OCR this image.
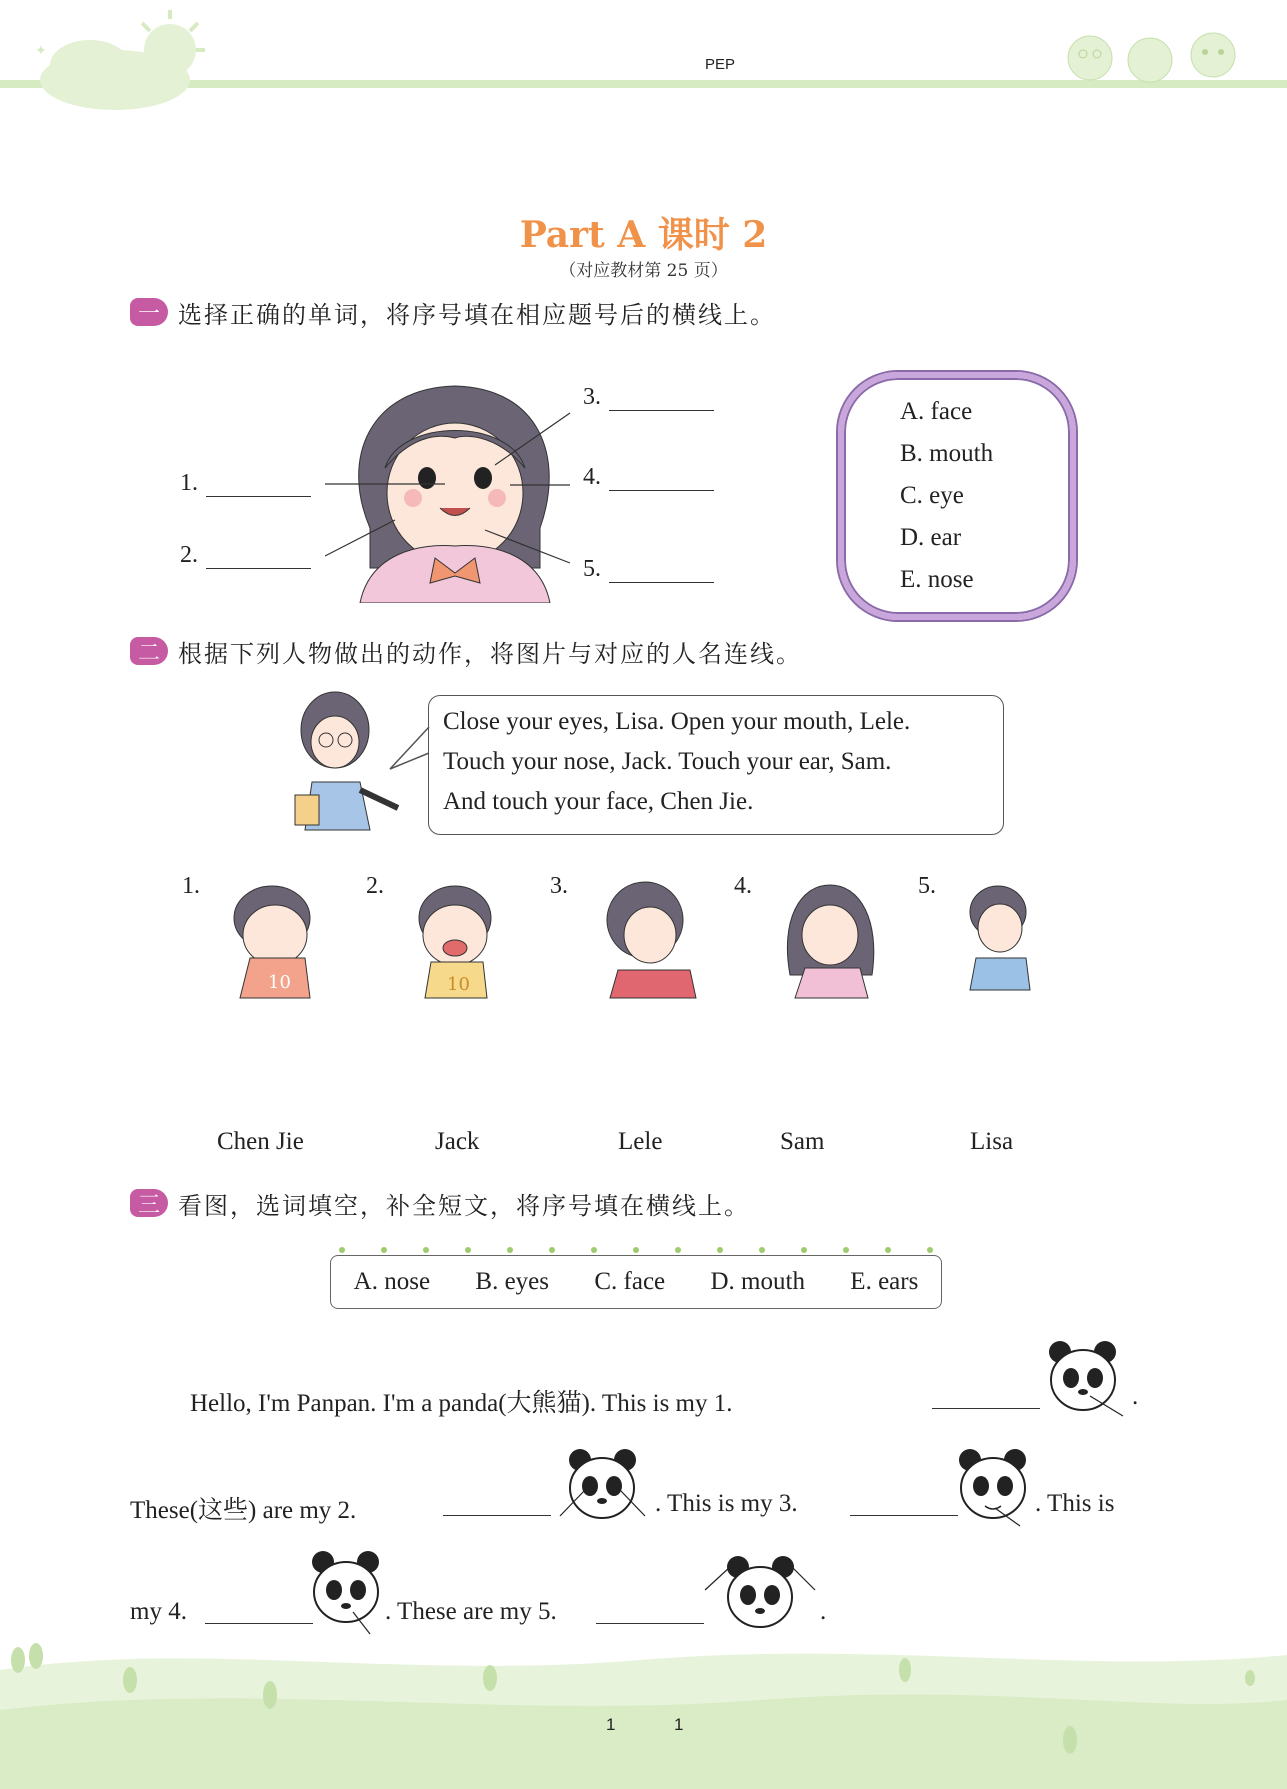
✦
PEP
Part A 课时 2
（对应教材第 25 页）
一 选择正确的单词，将序号填在相应题号后的横线上。
1.
2.
3.
4.
5.
A. face
B. mouth
C. eye
D. ear
E. nose
二 根据下列人物做出的动作，将图片与对应的人名连线。
Close your eyes, Lisa. Open your mouth, Lele.
Touch your nose, Jack. Touch your ear, Sam.
And touch your face, Chen Jie.
1.	2.	3.	4.	5.
10	10
Chen Jie	Jack	Lele	Sam	Lisa
三 看图，选词填空，补全短文，将序号填在横线上。
A. nose B. eyes C. face D. mouth E. ears
Hello, I'm Panpan. I'm a panda(大熊猫). This is my 1.	.
These(这些) are my 2.	. This is my 3.	. This is
my 4.	. These are my 5.	.
1	1
